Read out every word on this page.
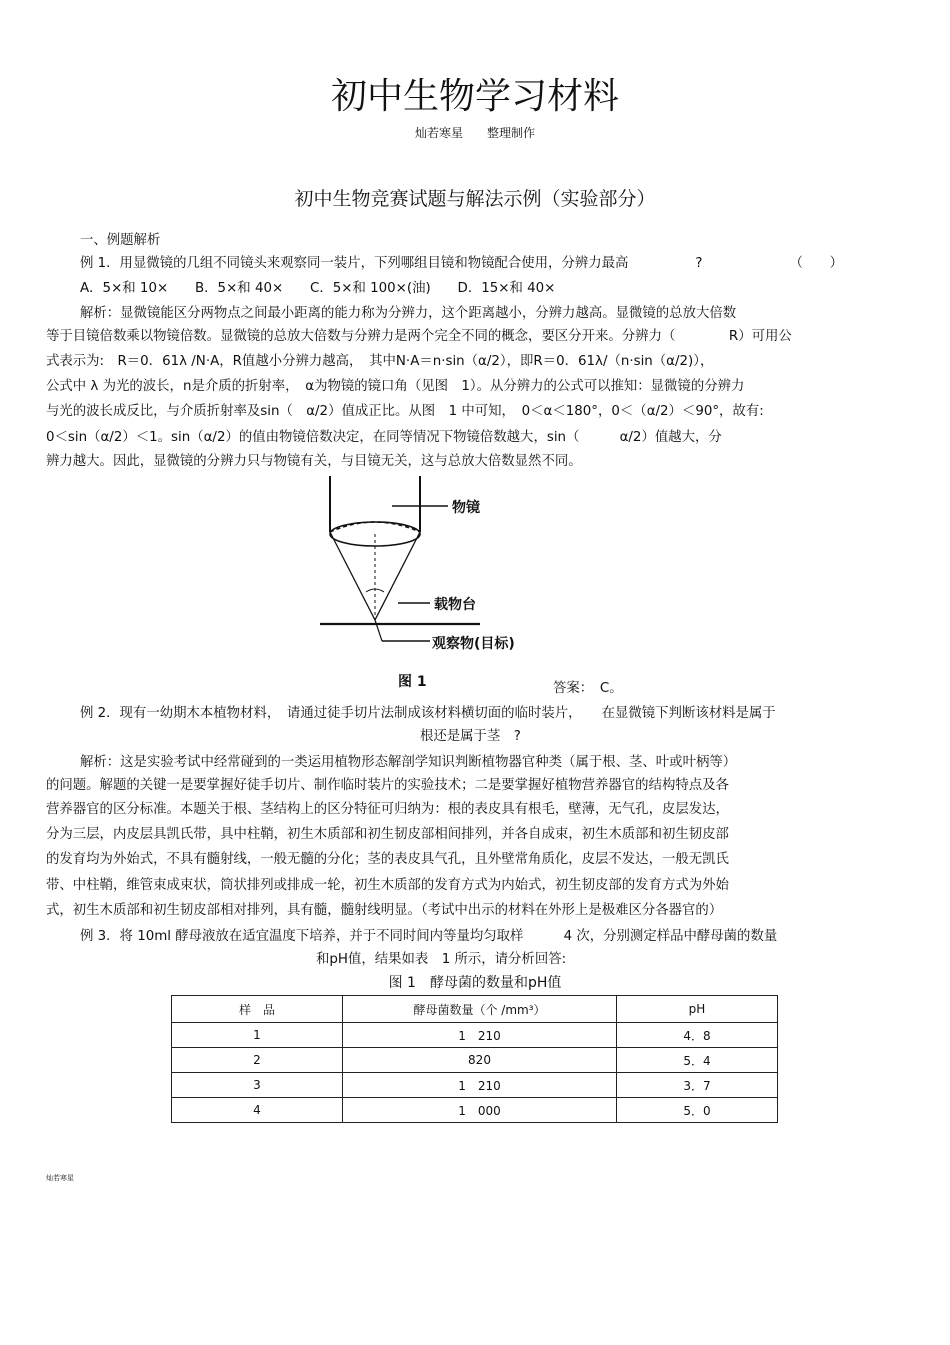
初中生物学习材料
灿若寒星　　整理制作
初中生物竞赛试题与解法示例（实验部分）
一、例题解析
例 1．用显微镜的几组不同镜头来观察同一装片，下列哪组目镜和物镜配合使用，分辨力最高　　　　　?　　　　　　　（　　）
A．5×和 10×　　B．5×和 40×　　C．5×和 100×(油)　　D．15×和 40×
解析：显微镜能区分两物点之间最小距离的能力称为分辨力，这个距离越小，分辨力越高。显微镜的总放大倍数
等于目镜倍数乘以物镜倍数。显微镜的总放大倍数与分辨力是两个完全不同的概念，要区分开来。分辨力（　　　　R）可用公
式表示为:　R＝0．61λ /N·A，R值越小分辨力越高，　其中N·A＝n·sin（α/2），即R＝0．61λ/（n·sin（α/2)），
公式中 λ 为光的波长，n是介质的折射率，　α为物镜的镜口角（见图　1）。从分辨力的公式可以推知：显微镜的分辨力
与光的波长成反比，与介质折射率及sin（　α/2）值成正比。从图　1 中可知，　0＜α＜180°，0＜（α/2）＜90°，故有:
0＜sin（α/2）＜1。sin（α/2）的值由物镜倍数决定，在同等情况下物镜倍数越大，sin（　　　α/2）值越大，分
辨力越大。因此，显微镜的分辨力只与物镜有关，与目镜无关，这与总放大倍数显然不同。
物镜
载物台
观察物(目标)
图 1	答案：　C。
例 2．现有一幼期木本植物材料，　请通过徒手切片法制成该材料横切面的临时装片，　　在显微镜下判断该材料是属于
根还是属于茎　?
解析：这是实验考试中经常碰到的一类运用植物形态解剖学知识判断植物器官种类（属于根、茎、叶或叶柄等）
的问题。解题的关键一是要掌握好徒手切片、制作临时装片的实验技术；二是要掌握好植物营养器官的结构特点及各
营养器官的区分标准。本题关于根、茎结构上的区分特征可归纳为：根的表皮具有根毛，壁薄，无气孔，皮层发达，
分为三层，内皮层具凯氏带，具中柱鞘，初生木质部和初生韧皮部相间排列，并各自成束，初生木质部和初生韧皮部
的发育均为外始式，不具有髓射线，一般无髓的分化；茎的表皮具气孔，且外壁常角质化，皮层不发达，一般无凯氏
带、中柱鞘，维管束成束状，筒状排列或排成一轮，初生木质部的发育方式为内始式，初生韧皮部的发育方式为外始
式，初生木质部和初生韧皮部相对排列，具有髓，髓射线明显。（考试中出示的材料在外形上是极难区分各器官的）
例 3．将 10ml 酵母液放在适宜温度下培养，并于不同时间内等量均匀取样　　　4 次，分别测定样品中酵母菌的数量
和pH值，结果如表　1 所示，请分析回答:
图 1　酵母菌的数量和pH值
样　品	酵母菌数量（个 /mm³）	pH
1	1　210	4．8
2	820	5．4
3	1　210	3．7
4	1　000	5．0
灿若寒星
